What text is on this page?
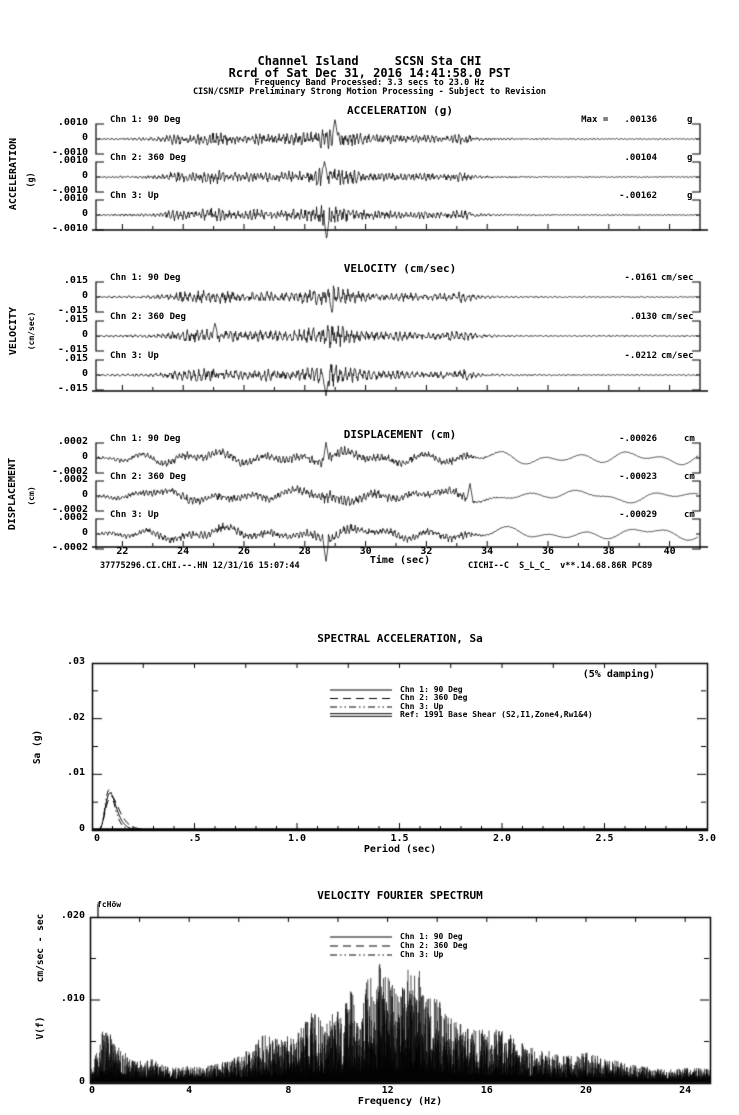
Channel Island     SCSN Sta CHI
Rcrd of Sat Dec 31, 2016 14:41:58.0 PST
Frequency Band Processed: 3.3 secs to 23.0 Hz
CISN/CSMIP Preliminary Strong Motion Processing - Subject to Revision
ACCELERATION (g)
VELOCITY (cm/sec)
DISPLACEMENT (cm)
ACCELERATION (g)
VELOCITY (cm/sec)
DISPLACEMENT (cm)
Time (sec)
37775296.CI.CHI.--.HN 12/31/16 15:07:44	CICHI--C  S_L_C_  v**.14.68.86R PC89
SPECTRAL ACCELERATION, Sa
(5% damping)
Sa (g)
Period (sec)
VELOCITY FOURIER SPECTRUM
fcHöw
cm/sec - sec
V(f)
Frequency (Hz)
Chn 1: 90 Deg	Max =   .00136	g
.0010
0
-.0010 Chn 2: 360 Deg	.00104	g
.0010
0
-.0010 Chn 3: Up	-.00162	g
.0010
0
-.0010
Chn 1: 90 Deg	-.0161 cm/sec
.015
0
-.015
Chn 2: 360 Deg	.0130 cm/sec
.015
0
-.015
Chn 3: Up	-.0212 cm/sec
.015
0
-.015
Chn 1: 90 Deg	-.00026	cm
.0002
0
-.0002 Chn 2: 360 Deg	-.00023	cm
.0002
0
-.0002 Chn 3: Up	-.00029	cm
.0002
0
-.0002	22	24	26	28	30	32	34	36	38	40
Chn 1: 90 Deg
Chn 2: 360 Deg
Chn 3: Up
Ref: 1991 Base Shear (S2,I1,Zone4,Rw1&4)
.03
.02
.01
0
0	.5	1.0	1.5	2.0	2.5	3.0
Chn 1: 90 Deg
Chn 2: 360 Deg
Chn 3: Up
.020
.010
0
0	4	8	12	16	20	24
